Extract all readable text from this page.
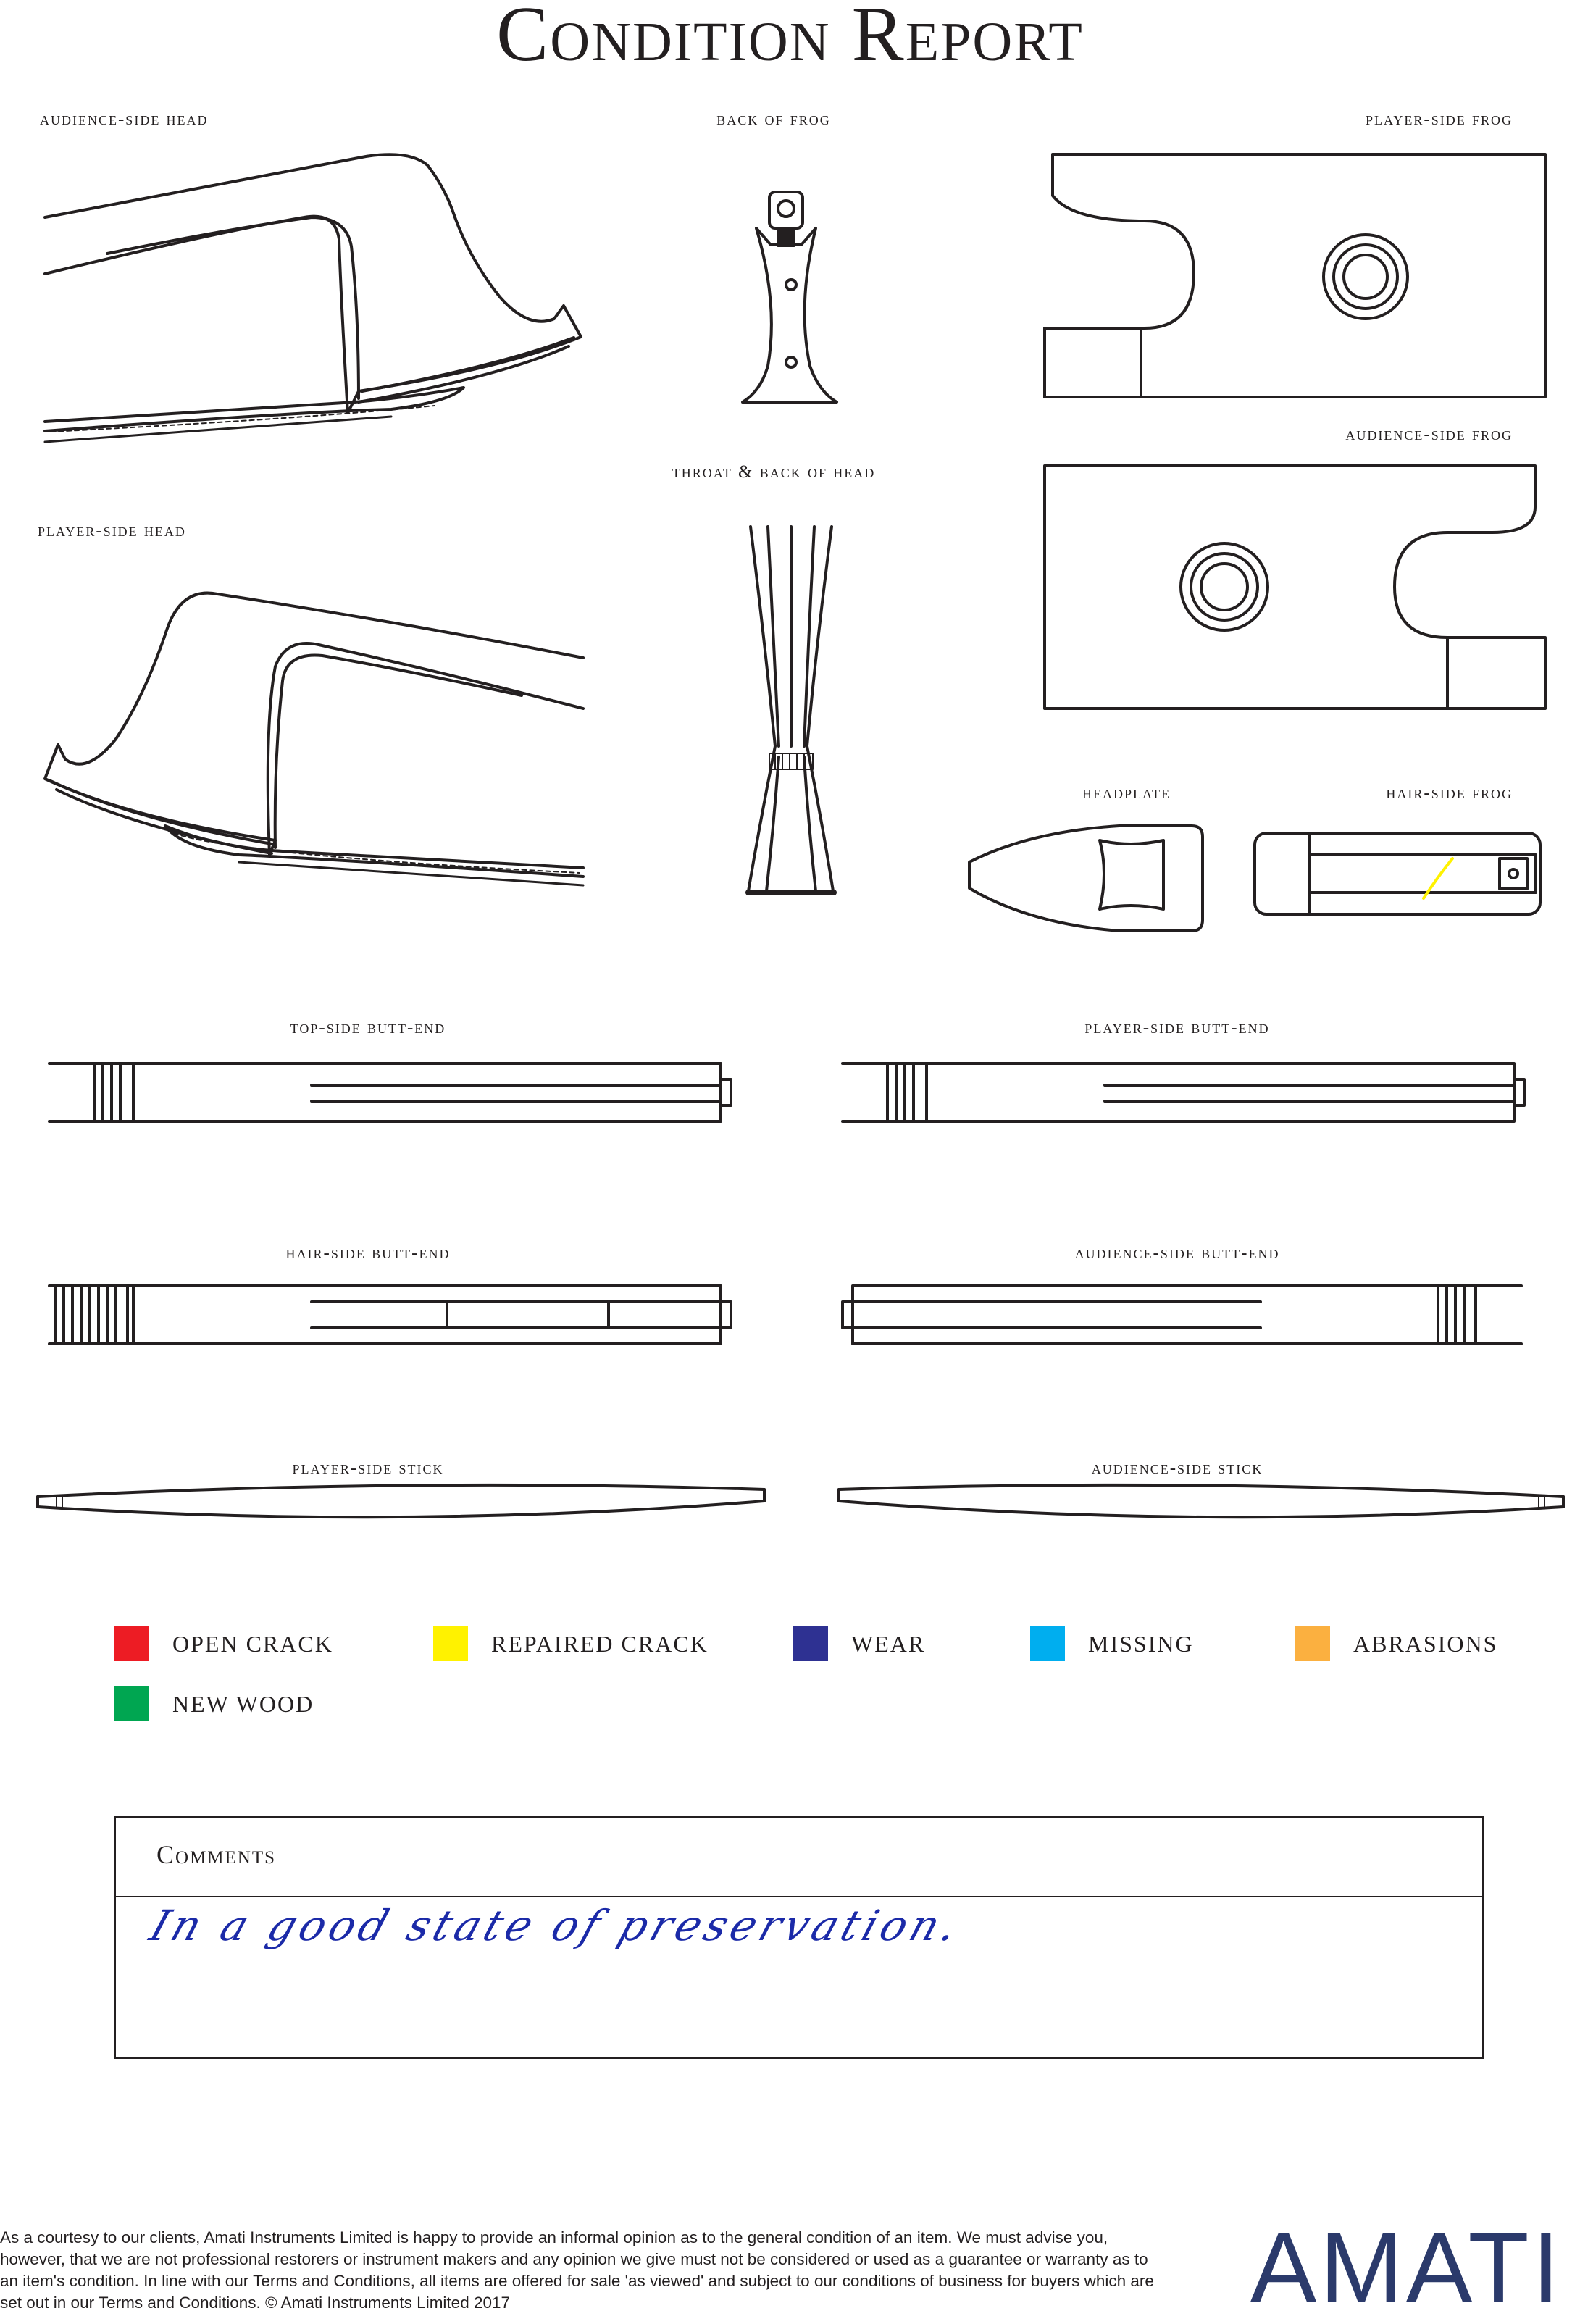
Condition Report
audience-side head	back of frog	player-side frog
throat & back of head
audience-side frog
player-side head
headplate	hair-side frog
top-side butt-end	player-side butt-end
hair-side butt-end	audience-side butt-end
player-side stick	audience-side stick
OPEN CRACK	REPAIRED CRACK	WEAR	MISSING	ABRASIONS
NEW WOOD
Comments
In a good state of preservation.
As a courtesy to our clients, Amati Instruments Limited is happy to provide an informal opinion as to the general condition of an item. We must advise you, however, that we are not professional restorers or instrument makers and any opinion we give must not be considered or used as a guarantee or warranty as to an item's condition. In line with our Terms and Conditions, all items are offered for sale 'as viewed' and subject to our conditions of business for buyers which are set out in our Terms and Conditions. © Amati Instruments Limited 2017	AMATI
